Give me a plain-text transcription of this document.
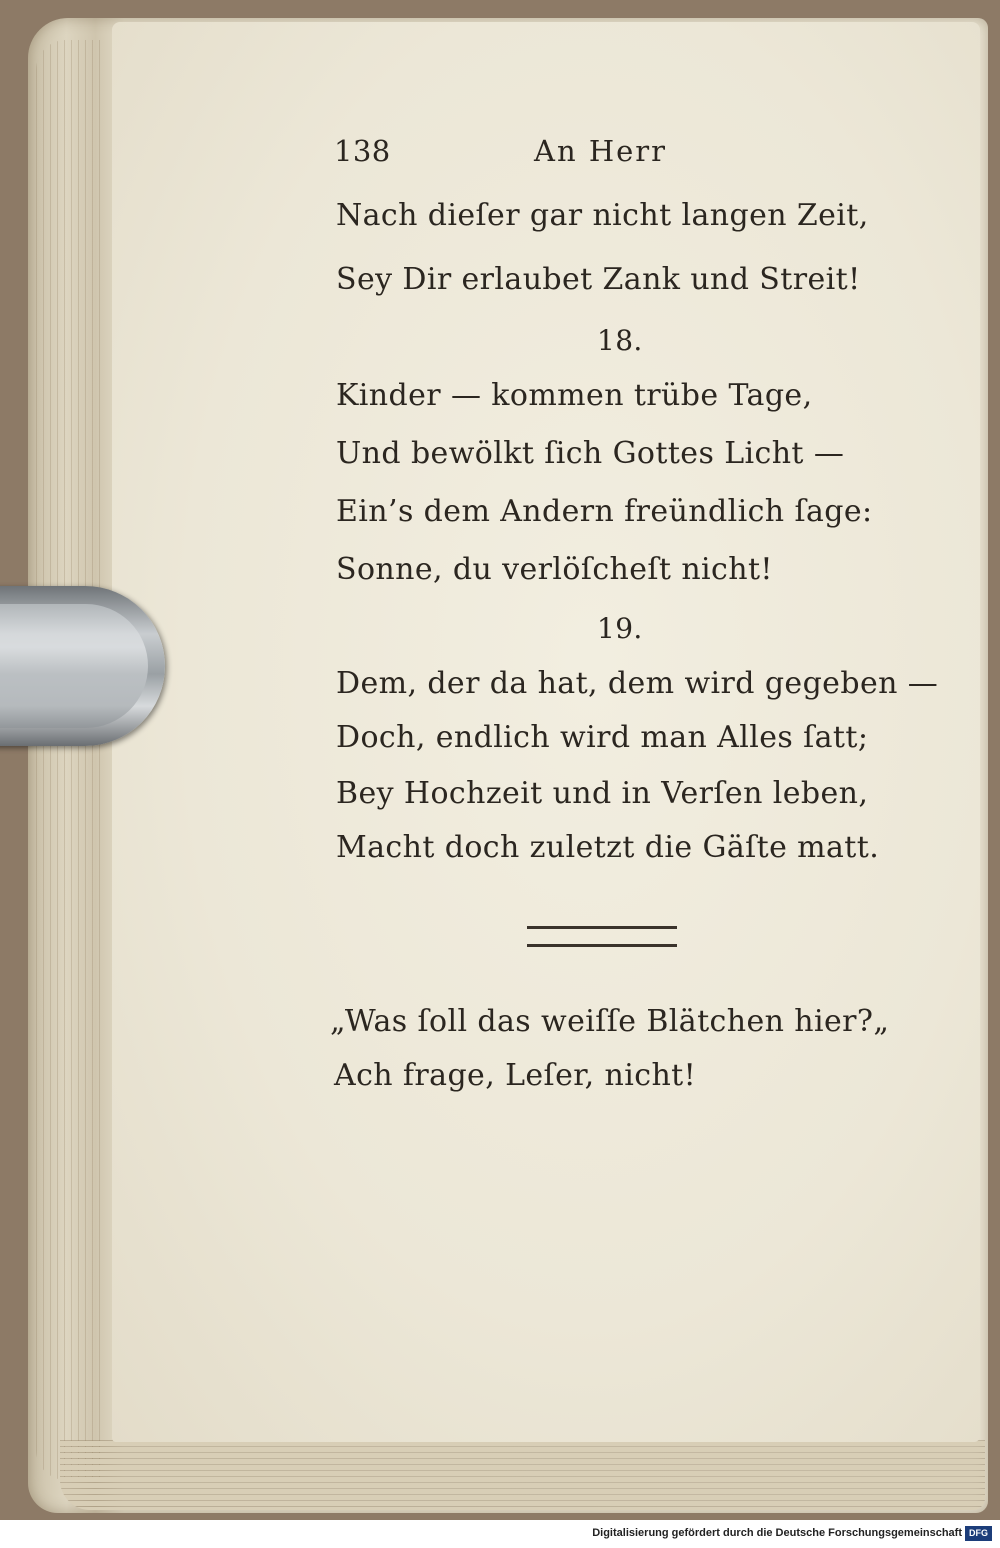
138	An Herr
Nach dieſer gar nicht langen Zeit,
Sey Dir erlaubet Zank und Streit!
18.
Kinder — kommen trübe Tage,
Und bewölkt ſich Gottes Licht —
Ein’s dem Andern freündlich ſage:
Sonne, du verlöſcheſt nicht!
19.
Dem, der da hat, dem wird gegeben —
Doch, endlich wird man Alles ſatt;
Bey Hochzeit und in Verſen leben,
Macht doch zuletzt die Gäſte matt.
„Was ſoll das weiſſe Blätchen hier?„
Ach frage, Leſer, nicht!
Digitalisierung gefördert durch die Deutsche Forschungsgemeinschaft DFG
